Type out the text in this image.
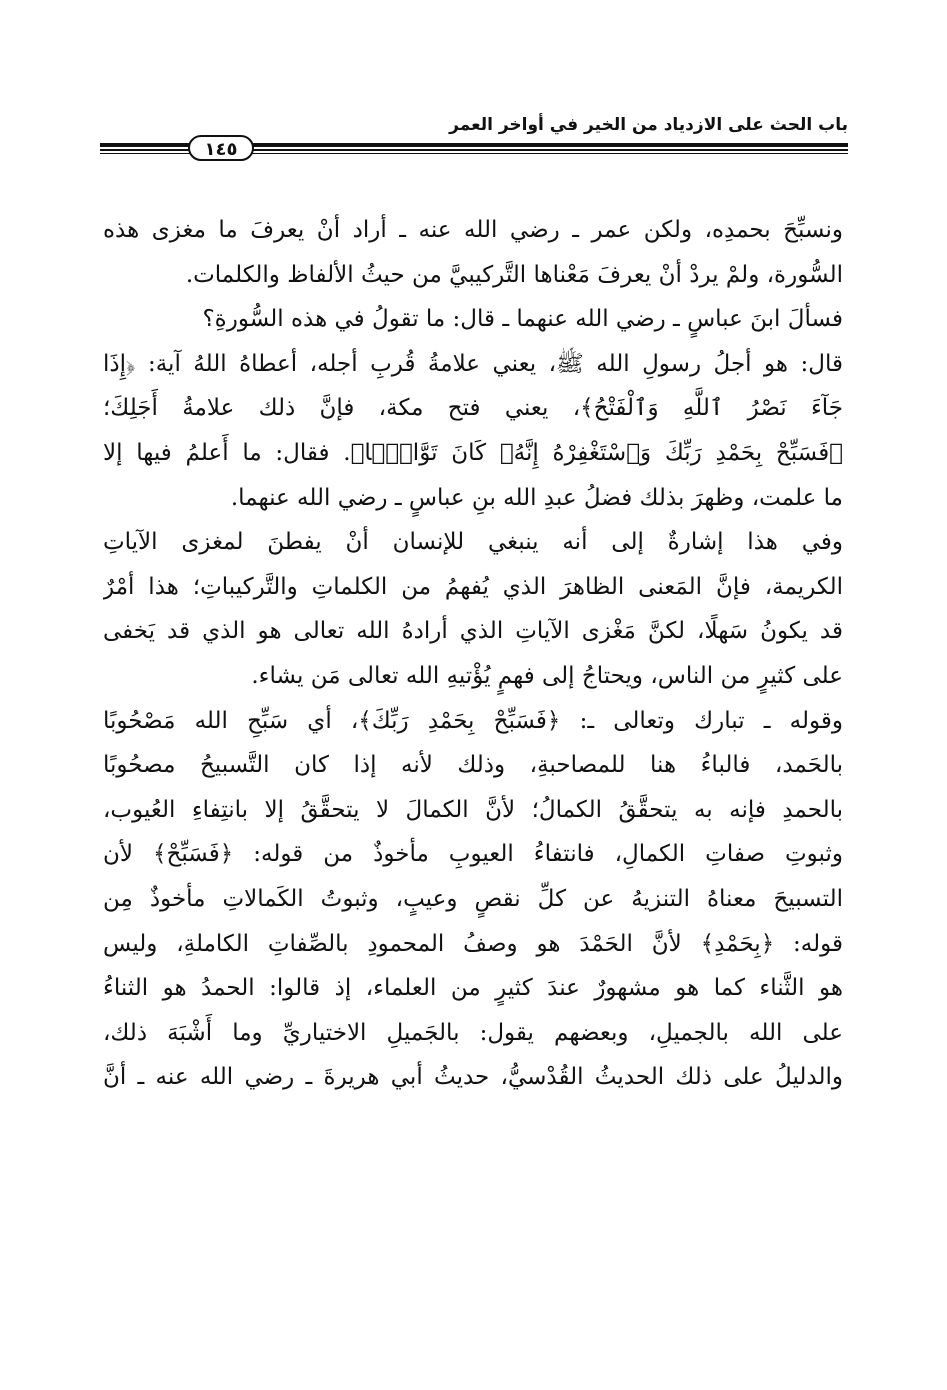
باب الحث على الازدياد من الخير في أواخر العمر
١٤٥
ونسبِّحَ بحمدِه، ولكن عمر ـ رضي الله عنه ـ أراد أنْ يعرفَ ما مغزى هذه
السُّورة، ولمْ يردْ أنْ يعرفَ مَعْناها التَّركيبيَّ من حيثُ الألفاظ والكلمات.
فسألَ ابنَ عباسٍ ـ رضي الله عنهما ـ قال: ما تقولُ في هذه السُّورةِ؟
قال: هو أجلُ رسولِ الله ﷺ، يعني علامةُ قُربِ أجله، أعطاهُ اللهُ آية: ﴿إِذَا
جَآءَ نَصْرُ ٱللَّهِ وَٱلْفَتْحُ﴾، يعني فتح مكة، فإنَّ ذلك علامةُ أَجَلِكَ؛
﴿فَسَبِّحْ بِحَمْدِ رَبِّكَ وَٱسْتَغْفِرْهُ إِنَّهُۥ كَانَ تَوَّابًۢا﴾. فقال: ما أَعلمُ فيها إلا
ما علمت، وظهرَ بذلك فضلُ عبدِ الله بنِ عباسٍ ـ رضي الله عنهما.
وفي هذا إشارةٌ إلى أنه ينبغي للإنسان أنْ يفطنَ لمغزى الآياتِ
الكريمة، فإنَّ المَعنى الظاهرَ الذي يُفهمُ من الكلماتِ والتَّركيباتِ؛ هذا أمْرٌ
قد يكونُ سَهلًا، لكنَّ مَغْزى الآياتِ الذي أرادهُ الله تعالى هو الذي قد يَخفى
على كثيرٍ من الناس، ويحتاجُ إلى فهمٍ يُؤْتيهِ الله تعالى مَن يشاء.
وقوله ـ تبارك وتعالى ـ: ﴿فَسَبِّحْ بِحَمْدِ رَبِّكَ﴾، أي سَبِّحِ الله مَصْحُوبًا
بالحَمد، فالباءُ هنا للمصاحبةِ، وذلك لأنه إذا كان التَّسبيحُ مصحُوبًا
بالحمدِ فإنه به يتحقَّقُ الكمالُ؛ لأنَّ الكمالَ لا يتحقَّقُ إلا بانتِفاءِ العُيوب،
وثبوتِ صفاتِ الكمالِ، فانتفاءُ العيوبِ مأخوذٌ من قوله: ﴿فَسَبِّحْ﴾ لأن
التسبيحَ معناهُ التنزيهُ عن كلِّ نقصٍ وعيبٍ، وثبوتُ الكَمالاتِ مأخوذٌ مِن
قوله: ﴿بِحَمْدِ﴾ لأنَّ الحَمْدَ هو وصفُ المحمودِ بالصِّفاتِ الكاملةِ، وليس
هو الثَّناء كما هو مشهورٌ عندَ كثيرٍ من العلماء، إذ قالوا: الحمدُ هو الثناءُ
على الله بالجميلِ، وبعضهم يقول: بالجَميلِ الاختياريِّ وما أَشْبَهَ ذلك،
والدليلُ على ذلك الحديثُ القُدْسيُّ، حديثُ أبي هريرةَ ـ رضي الله عنه ـ أنَّ
